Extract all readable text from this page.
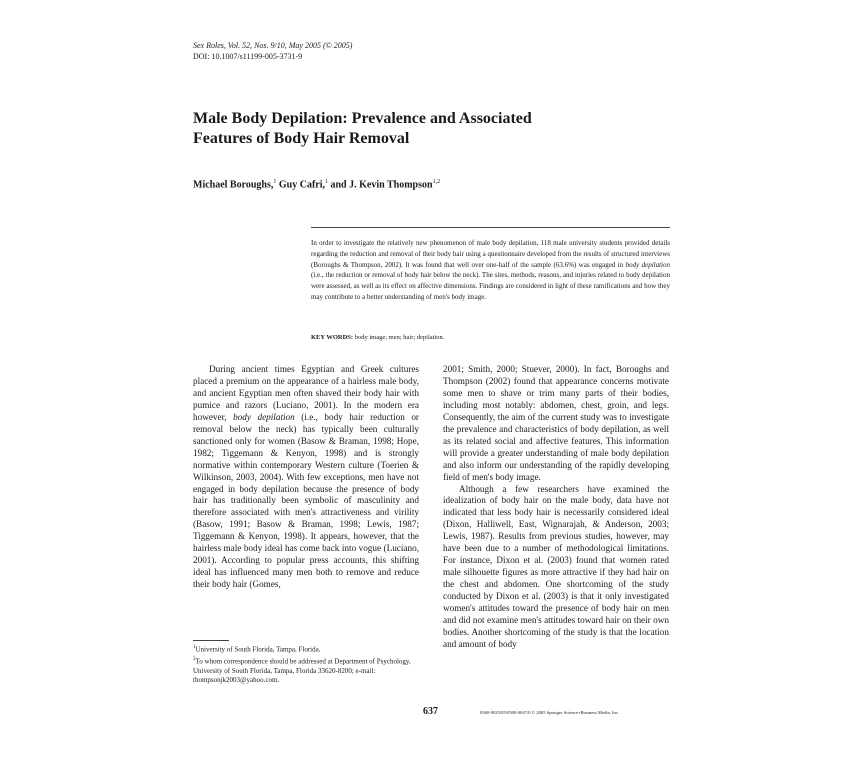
Sex Roles, Vol. 52, Nos. 9/10, May 2005 (© 2005)
DOI: 10.1007/s11199-005-3731-9
Male Body Depilation: Prevalence and Associated
Features of Body Hair Removal
Michael Boroughs,$^1$ Guy Cafri,$^1$ and J. Kevin Thompson$^{1,2}$
In order to investigate the relatively new phenomenon of male body depilation, 118 male university students provided details regarding the reduction and removal of their body hair using a questionnaire developed from the results of structured interviews (Boroughs & Thompson, 2002). It was found that well over one-half of the sample (63.6%) was engaged in body depilation (i.e., the reduction or removal of body hair below the neck). The sites, methods, reasons, and injuries related to body depilation were assessed, as well as its effect on affective dimensions. Findings are considered in light of these ramifications and how they may contribute to a better understanding of men's body image.
KEY WORDS: body image; men; hair; depilation.

During ancient times Egyptian and Greek cultures placed a premium on the appearance of a hairless male body, and ancient Egyptian men often shaved their body hair with pumice and razors (Luciano, 2001). In the modern era however, body depilation (i.e., body hair reduction or removal below the neck) has typically been culturally sanctioned only for women (Basow & Braman, 1998; Hope, 1982; Tiggemann & Kenyon, 1998) and is strongly normative within contemporary Western culture (Toerien & Wilkinson, 2003, 2004). With few exceptions, men have not engaged in body depilation because the presence of body hair has traditionally been symbolic of masculinity and therefore associated with men's attractiveness and virility (Basow, 1991; Basow & Braman, 1998; Lewis, 1987; Tiggemann & Kenyon, 1998). It appears, however, that the hairless male body ideal has come back into vogue (Luciano, 2001). According to popular press accounts, this shifting ideal has influenced many men both to remove and reduce their body hair (Gomes,

2001; Smith, 2000; Stuever, 2000). In fact, Boroughs and Thompson (2002) found that appearance concerns motivate some men to shave or trim many parts of their bodies, including most notably: abdomen, chest, groin, and legs. Consequently, the aim of the current study was to investigate the prevalence and characteristics of body depilation, as well as its related social and affective features. This information will provide a greater understanding of male body depilation and also inform our understanding of the rapidly developing field of men's body image.

Although a few researchers have examined the idealization of body hair on the male body, data have not indicated that less body hair is necessarily considered ideal (Dixon, Halliwell, East, Wignarajah, & Anderson, 2003; Lewis, 1987). Results from previous studies, however, may have been due to a number of methodological limitations. For instance, Dixon et al. (2003) found that women rated male silhouette figures as more attractive if they had hair on the chest and abdomen. One shortcoming of the study conducted by Dixon et al. (2003) is that it only investigated women's attitudes toward the presence of body hair on men and did not examine men's attitudes toward hair on their own bodies. Another shortcoming of the study is that the location and amount of body

$^1$University of South Florida, Tampa, Florida.
$^2$To whom correspondence should be addressed at Department of Psychology, University of South Florida, Tampa, Florida 33620-8200; e-mail: thompsonjk2003@yahoo.com.
637	0360-0025/05/0500-0637/0 © 2005 Springer Science+Business Media, Inc.
